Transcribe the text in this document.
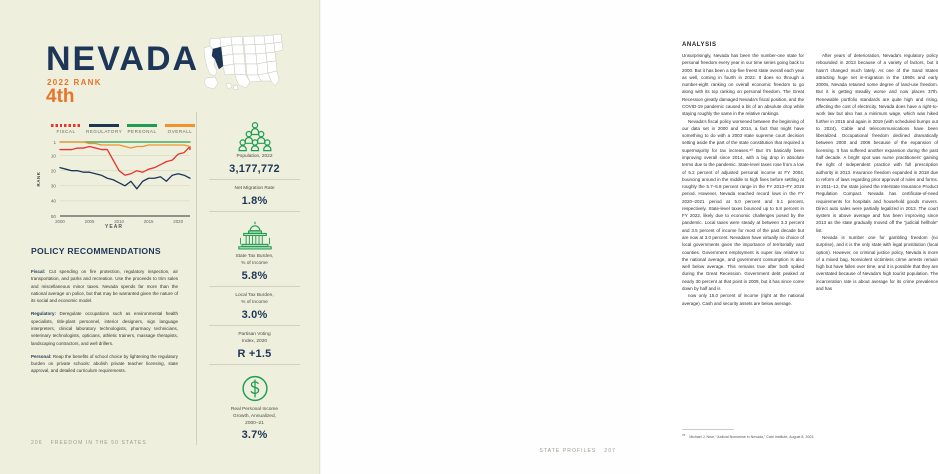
NEVADA
2022 RANK
4th
FISCAL	REGULATORY	PERSONAL	OVERALL
1
10
20
30
40
50
2000	2005	2010	2015	2020
RANK
YEAR
POLICY RECOMMENDATIONS

Fiscal: Cut spending on fire protection, regulatory inspection, air transportation, and parks and recreation. Use the proceeds to trim sales and miscellaneous minor taxes. Nevada spends far more than the national average on police, but that may be warranted given the nature of its social and economic model.

Regulatory: Deregulate occupations such as environmental health specialists, title-plant personnel, interior designers, sign language interpreters, clinical laboratory technologists, pharmacy technicians, veterinary technologists, opticians, athletic trainers, massage therapists, landscaping contractors, and well drillers.

Personal: Reap the benefits of school choice by lightening the regulatory burden on private schools: abolish private teacher licensing, state approval, and detailed curriculum requirements.

Population, 2022
3,177,772
Net Migration Rate
1.8%
State Tax Burden,
% of Income
5.8%
Local Tax Burden,
% of Income
3.0%
Partisan Voting
Index, 2020
R +1.5
Real Personal Income
Growth, Annualized,
2000–21
3.7%
206 FREEDOM IN THE 50 STATES
ANALYSIS

Unsurprisingly, Nevada has been the number-one state for personal freedom every year in our time series going back to 2000. But it has been a top-five freest state overall each year as well, coming in fourth in 2022. It does so through a number-eight ranking on overall economic freedom to go along with its top ranking on personal freedom. The Great Recession greatly damaged Nevada's fiscal position, and the COVID-19 pandemic caused a bit of an absolute drop while staying roughly the same in the relative rankings.

Nevada's fiscal policy worsened between the beginning of our data set in 2000 and 2014, a fact that might have something to do with a 2003 state supreme court decision setting aside the part of the state constitution that required a supermajority for tax increases.⁶⁰ But it's basically been improving overall since 2014, with a big drop in absolute terms due to the pandemic. State-level taxes rose from a low of 5.2 percent of adjusted personal income at FY 2004, bouncing around in the middle to high fives before settling at roughly the 5.7–5.8 percent range in the FY 2013–FY 2019 period. However, Nevada reached record lows in the FY 2020–2021 period at 5.0 percent and 5.1 percent, respectively. State-level taxes bounced up to 5.8 percent in FY 2022, likely due to economic challenges posed by the pandemic. Local taxes were steady at between 3.3 percent and 3.5 percent of income for most of the past decade but are now at 3.0 percent. Nevadans have virtually no choice of local governments given the importance of territorially vast counties. Government employment is super low relative to the national average, and government consumption is also well below average. This remains true after both spiked during the Great Recession. Government debt peaked at nearly 30 percent at that point in 2009, but it has since come down by half and is

now only 15.0 percent of income (right at the national average). Cash and security assets are below average.

After years of deterioration, Nevada's regulatory policy rebounded in 2013 because of a variety of factors, but it hasn't changed much lately. As one of the Sand States attracting huge net in-migration in the 1990s and early 2000s, Nevada retained some degree of land-use freedom. But it is getting steadily worse and now places 37th. Renewable portfolio standards are quite high and rising, affecting the cost of electricity. Nevada does have a right-to-work law but also has a minimum wage, which was hiked further in 2015 and again in 2019 (with scheduled bumps out to 2024). Cable and telecommunications have been liberalized. Occupational freedom declined dramatically between 2000 and 2006 because of the expansion of licensing. It has suffered another expansion during the past half decade. A bright spot was nurse practitioners' gaining the right of independent practice with full prescription authority in 2013. Insurance freedom expanded in 2018 due to reform of laws regarding prior approval of rules and forms. In 2011–12, the state joined the Interstate Insurance Product Regulation Compact. Nevada has certificate-of-need requirements for hospitals and household goods movers. Direct auto sales were partially legalized in 2013. The court system is above average and has been improving since 2013 as the state gradually moved off the “judicial hellhole” list.

Nevada is number one for gambling freedom (no surprise), and it is the only state with legal prostitution (local option). However, on criminal justice policy, Nevada is more of a mixed bag. Nonviolent victimless crime arrests remain high but have fallen over time, and it is possible that they are overstated because of Nevada's high tourist population. The incarceration rate is about average for its crime prevalence and has

$^{76}$Michael J. New, “Judicial Nonsense in Nevada,” Cato Institute, August 8, 2003.
STATE PROFILES 207
